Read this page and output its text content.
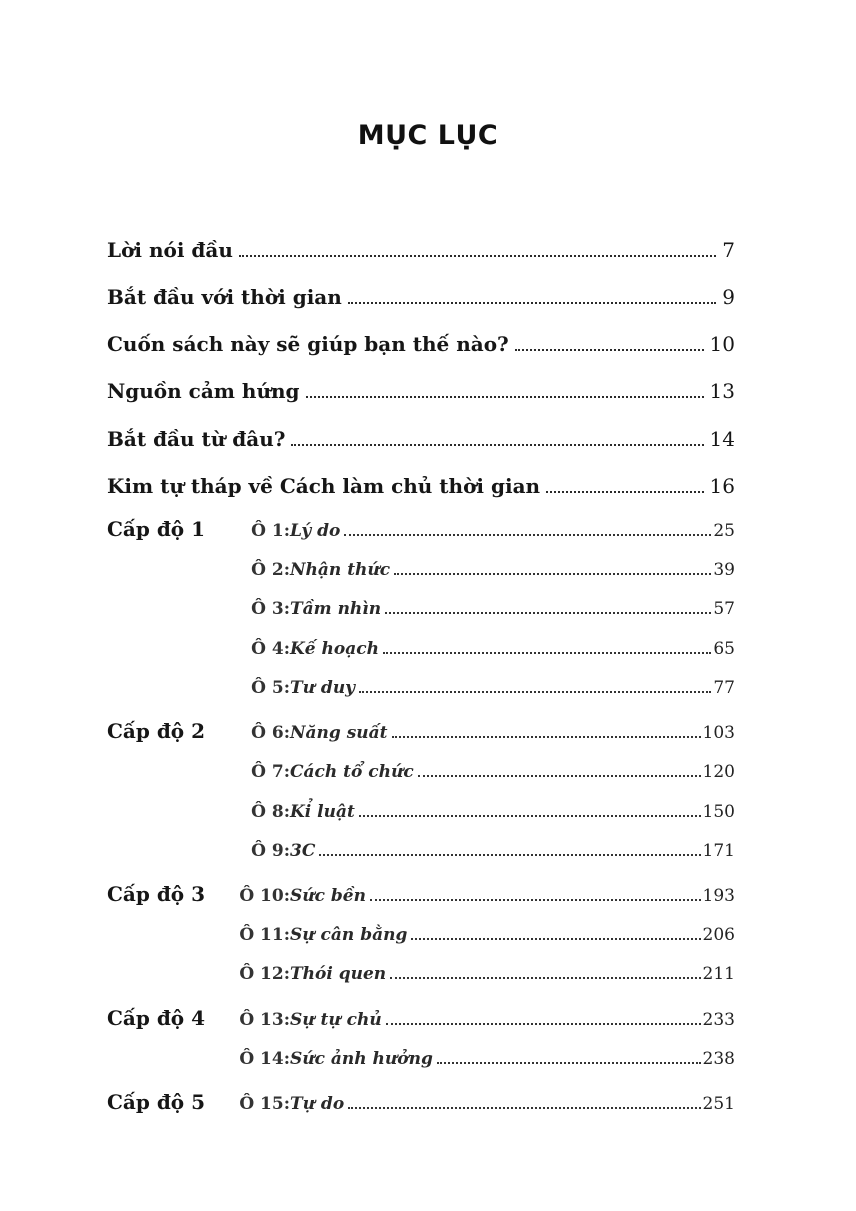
MỤC LỤC
Lời nói đầu	7
Bắt đầu với thời gian	9
Cuốn sách này sẽ giúp bạn thế nào?	10
Nguồn cảm hứng	13
Bắt đầu từ đâu?	14
Kim tự tháp về Cách làm chủ thời gian	16
Cấp độ 1	Ô 1: Lý do	25
Ô 2: Nhận thức	39
Ô 3: Tầm nhìn	57
Ô 4: Kế hoạch	65
Ô 5: Tư duy	77
Cấp độ 2	Ô 6: Năng suất	103
Ô 7: Cách tổ chức	120
Ô 8: Kỉ luật	150
Ô 9: 3C	171
Cấp độ 3	Ô 10: Sức bền	193
Ô 11: Sự cân bằng	206
Ô 12: Thói quen	211
Cấp độ 4	Ô 13: Sự tự chủ	233
Ô 14: Sức ảnh hưởng	238
Cấp độ 5	Ô 15: Tự do	251
